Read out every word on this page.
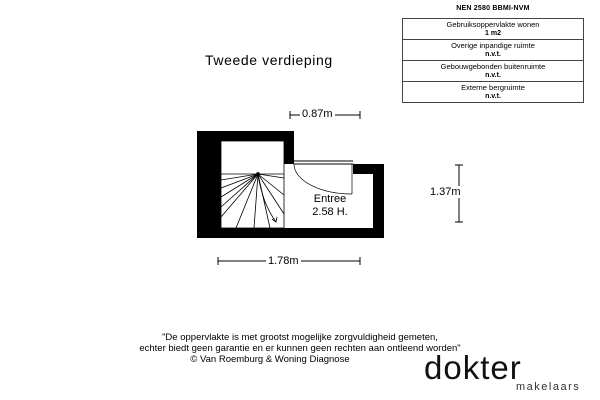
NEN 2580 BBMI-NVM
Gebruiksoppervlakte wonen
1 m2
Overige inpandige ruimte
n.v.t.
Gebouwgebonden buitenruimte
n.v.t.
Externe bergruimte
n.v.t.
Tweede verdieping
0.87m
1.37m
1.78m
Entree
2.58 H.
"De oppervlakte is met grootst mogelijke zorgvuldigheid gemeten,
echter biedt geen garantie en er kunnen geen rechten aan ontleend worden"
© Van Roemburg & Woning Diagnose	dokter
makelaars
